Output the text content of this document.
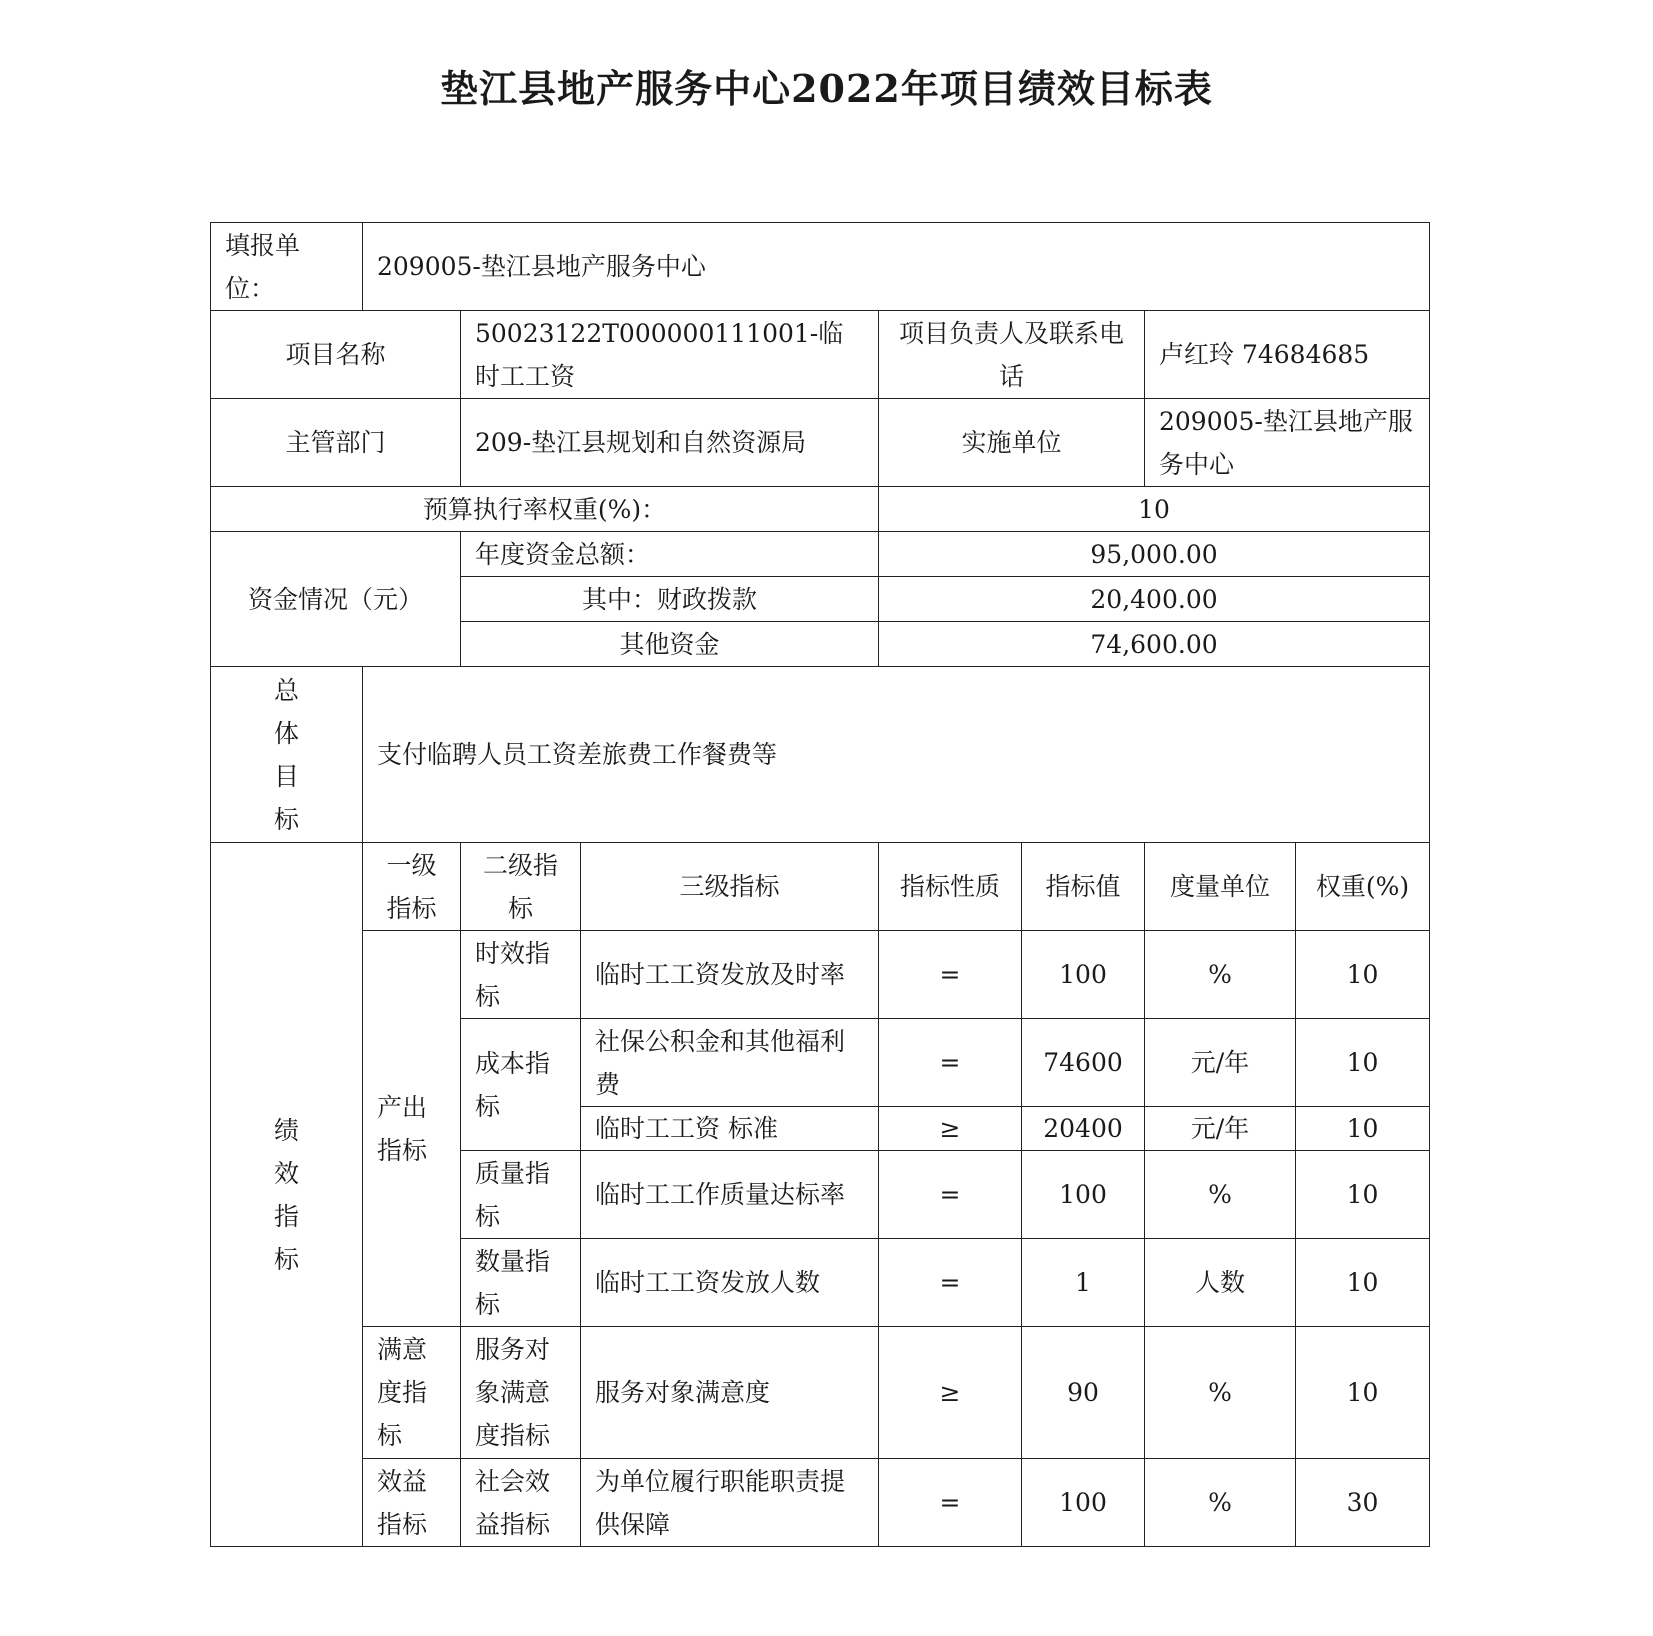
垫江县地产服务中心2022年项目绩效目标表
填报单位：	209005-垫江县地产服务中心						
项目名称		50023122T000000111001-临时工工资		项目负责人及联系电话		卢红玲 74684685	
主管部门		209-垫江县规划和自然资源局		实施单位		209005-垫江县地产服务中心	
预算执行率权重(%)：				10			
资金情况（元）		年度资金总额：		95,000.00			
		其中：财政拨款		20,400.00			
		其他资金		74,600.00			
总体目标	支付临聘人员工资差旅费工作餐费等						
绩效指标	一级指标	二级指标	三级指标	指标性质	指标值	度量单位	权重(%)
	产出指标	时效指标	临时工工资发放及时率	=	100	%	10
		成本指标	社保公积金和其他福利费	=	74600	元/年	10
			临时工工资 标准	≥	20400	元/年	10
		质量指标	临时工工作质量达标率	=	100	%	10
		数量指标	临时工工资发放人数	=	1	人数	10
	满意度指标	服务对象满意度指标	服务对象满意度	≥	90	%	10
	效益指标	社会效益指标	为单位履行职能职责提供保障	=	100	%	30
